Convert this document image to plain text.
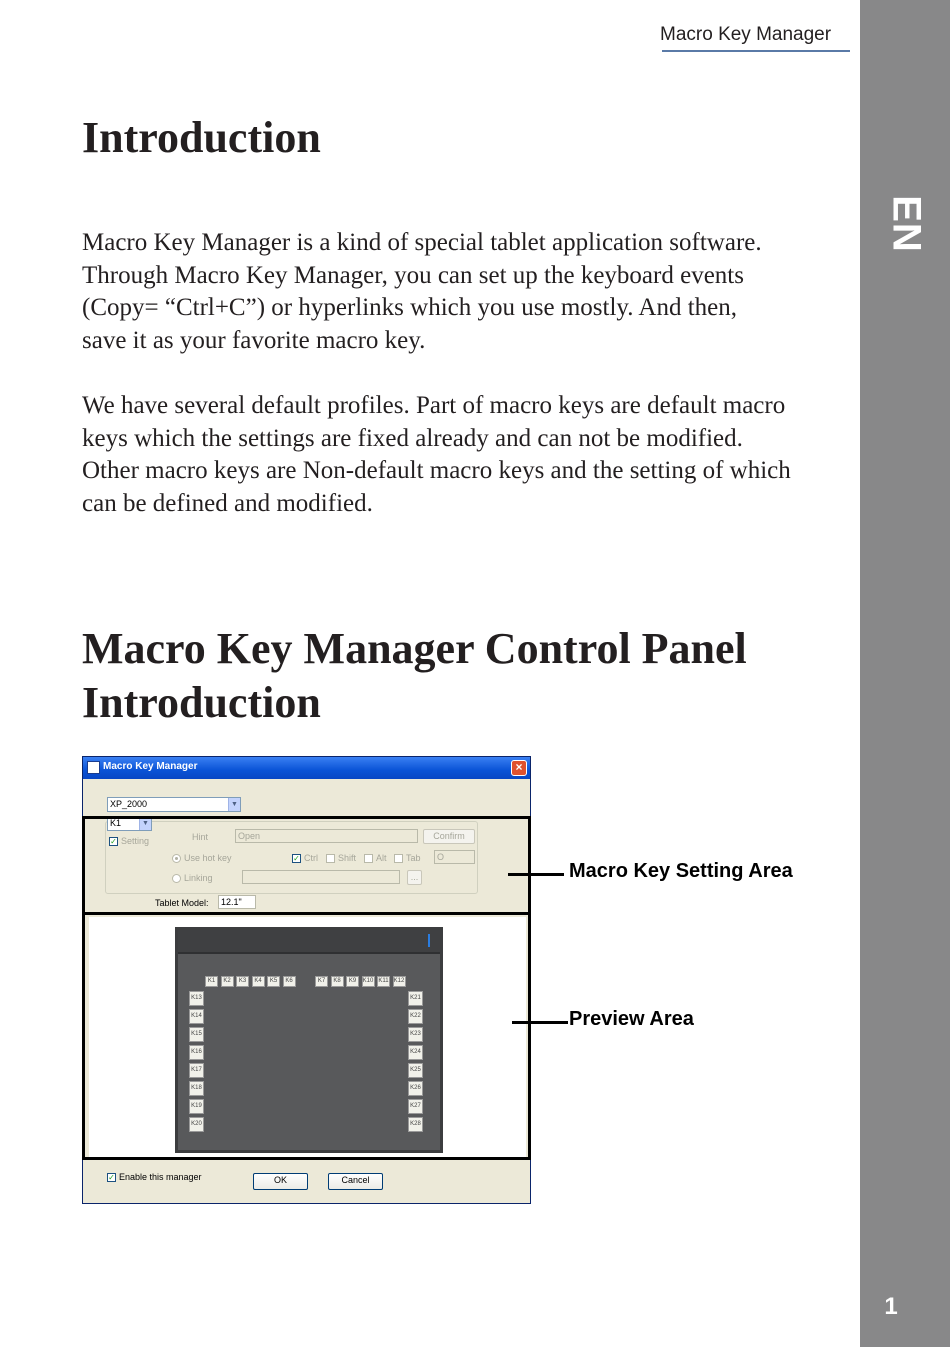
EN
1
Macro Key Manager
Introduction
Macro Key Manager is a kind of special tablet application software.
Through Macro Key Manager, you can set up the keyboard events
(Copy= “Ctrl+C”) or hyperlinks which you use mostly. And then,
save it as your favorite macro key.
We have several default profiles. Part of macro keys are default macro
keys which the settings are fixed already and can not be modified.
Other macro keys are Non-default macro keys and the setting of which
can be defined and modified.
Macro Key Manager Control Panel
Introduction
Macro Key Manager	×
XP_2000	▼
✓ Setting	Hint	Open	Confirm
Use hot key	✓ Ctrl Shift Alt Tab	O
Linking	...
K1	▼
Tablet Model:	12.1"
K1	K2	K3	K4	K5	K6	K7	K8	K9	K10 K11 K12
K13
K14
K15
K16
K17
K18
K19
K20
K21
K22
K23
K24
K25
K26
K27
K28
✓ Enable this manager	OK	Cancel
Macro Key Setting Area
Preview Area
